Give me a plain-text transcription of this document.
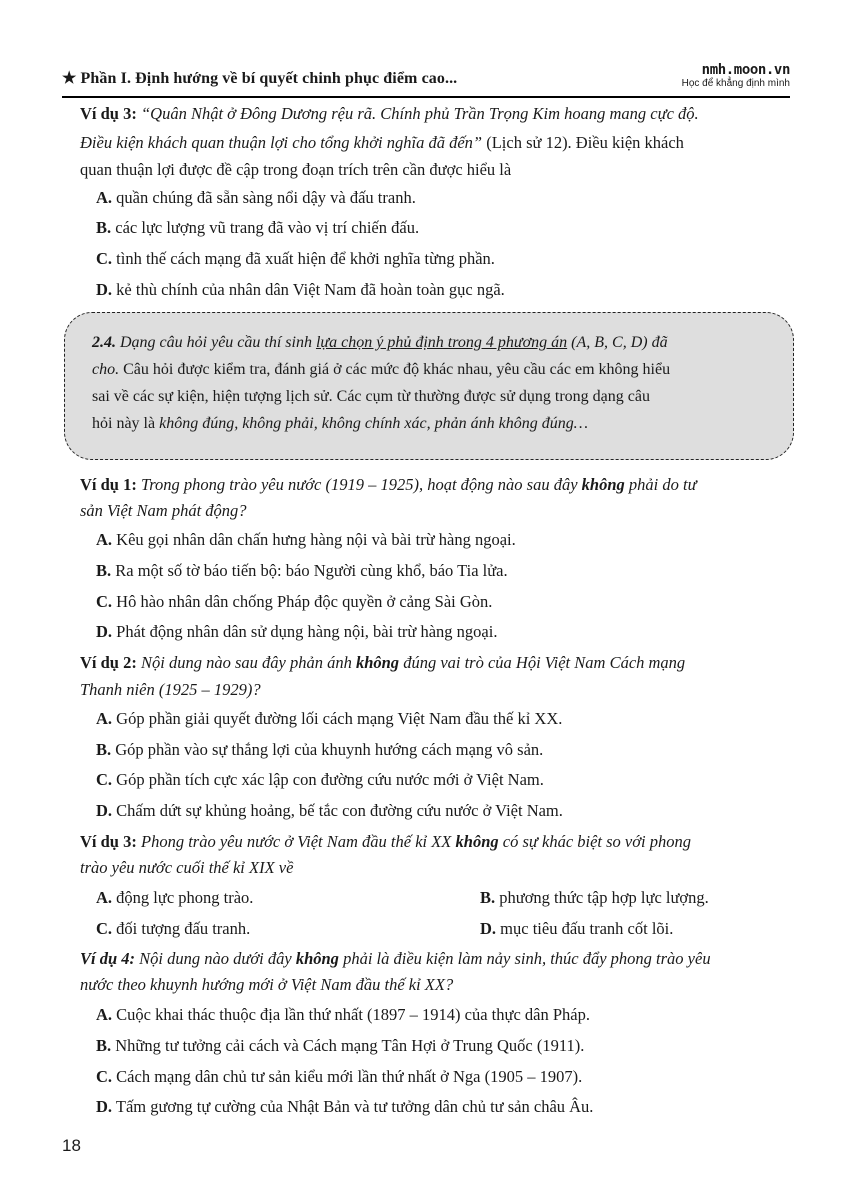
★ Phần I. Định hướng về bí quyết chinh phục điểm cao...	nmh.moon.vn
Học để khẳng định mình
Ví dụ 3: “Quân Nhật ở Đông Dương rệu rã. Chính phủ Trần Trọng Kim hoang mang cực độ.
Điều kiện khách quan thuận lợi cho tổng khởi nghĩa đã đến” (Lịch sử 12). Điều kiện khách
quan thuận lợi được đề cập trong đoạn trích trên cần được hiểu là
A. quần chúng đã sẵn sàng nổi dậy và đấu tranh.
B. các lực lượng vũ trang đã vào vị trí chiến đấu.
C. tình thế cách mạng đã xuất hiện để khởi nghĩa từng phần.
D. kẻ thù chính của nhân dân Việt Nam đã hoàn toàn gục ngã.
2.4. Dạng câu hỏi yêu cầu thí sinh lựa chọn ý phủ định trong 4 phương án (A, B, C, D) đã
cho. Câu hỏi được kiểm tra, đánh giá ở các mức độ khác nhau, yêu cầu các em không hiểu
sai về các sự kiện, hiện tượng lịch sử. Các cụm từ thường được sử dụng trong dạng câu
hỏi này là không đúng, không phải, không chính xác, phản ánh không đúng…
Ví dụ 1: Trong phong trào yêu nước (1919 – 1925), hoạt động nào sau đây không phải do tư
sản Việt Nam phát động?
A. Kêu gọi nhân dân chấn hưng hàng nội và bài trừ hàng ngoại.
B. Ra một số tờ báo tiến bộ: báo Người cùng khổ, báo Tia lửa.
C. Hô hào nhân dân chống Pháp độc quyền ở cảng Sài Gòn.
D. Phát động nhân dân sử dụng hàng nội, bài trừ hàng ngoại.
Ví dụ 2: Nội dung nào sau đây phản ánh không đúng vai trò của Hội Việt Nam Cách mạng
Thanh niên (1925 – 1929)?
A. Góp phần giải quyết đường lối cách mạng Việt Nam đầu thế kỉ XX.
B. Góp phần vào sự thắng lợi của khuynh hướng cách mạng vô sản.
C. Góp phần tích cực xác lập con đường cứu nước mới ở Việt Nam.
D. Chấm dứt sự khủng hoảng, bế tắc con đường cứu nước ở Việt Nam.
Ví dụ 3: Phong trào yêu nước ở Việt Nam đầu thế kỉ XX không có sự khác biệt so với phong
trào yêu nước cuối thế kỉ XIX về
A. động lực phong trào.	B. phương thức tập hợp lực lượng.
C. đối tượng đấu tranh.	D. mục tiêu đấu tranh cốt lõi.
Ví dụ 4: Nội dung nào dưới đây không phải là điều kiện làm nảy sinh, thúc đẩy phong trào yêu
nước theo khuynh hướng mới ở Việt Nam đầu thế kỉ XX?
A. Cuộc khai thác thuộc địa lần thứ nhất (1897 – 1914) của thực dân Pháp.
B. Những tư tưởng cải cách và Cách mạng Tân Hợi ở Trung Quốc (1911).
C. Cách mạng dân chủ tư sản kiểu mới lần thứ nhất ở Nga (1905 – 1907).
D. Tấm gương tự cường của Nhật Bản và tư tưởng dân chủ tư sản châu Âu.
18
